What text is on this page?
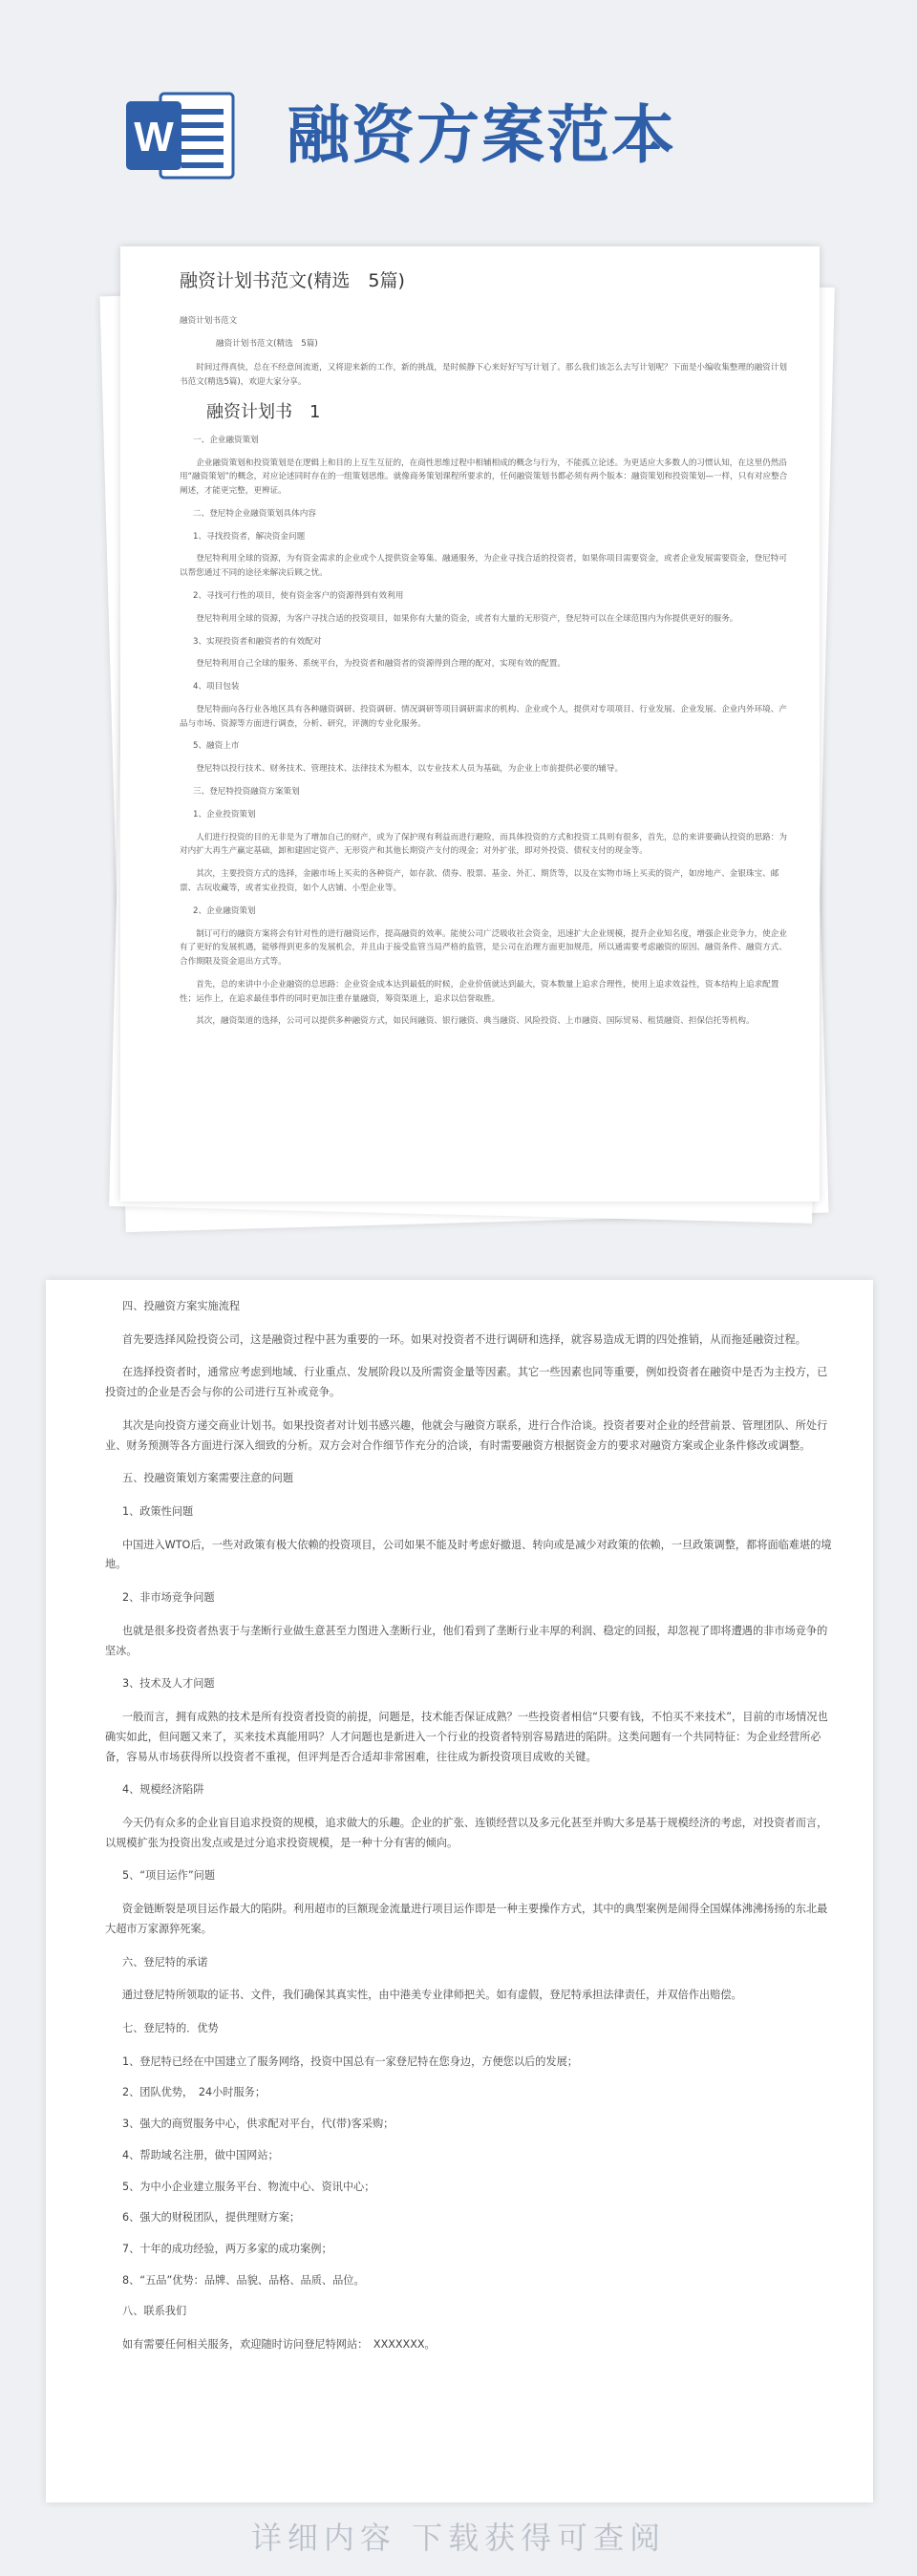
W 融资方案范本
融资计划书范文(精选　5篇)
融资计划书范文
融资计划书范文(精选　5篇)

时间过得真快，总在不经意间流逝，又将迎来新的工作，新的挑战，是时候静下心来好好写写计划了。那么我们该怎么去写计划呢？下面是小编收集整理的融资计划书范文(精选5篇)，欢迎大家分享。

融资计划书　1

一、企业融资策划

企业融资策划和投资策划是在逻辑上和目的上互生互征的，在商性思维过程中相辅相成的概念与行为，不能孤立论述。为更适应大多数人的习惯认知，在这里仍然沿用“融资策划”的概念，对应论述同时存在的一组策划思维。就像商务策划课程所要求的，任何融资策划书都必须有两个版本：融资策划和投资策划—一样，只有对应整合阐述，才能更完整，更辨证。

二、登尼特企业融资策划具体内容

1、寻找投资者，解决资金问题

登尼特利用全球的资源，为有资金需求的企业或个人提供资金筹集、融通服务，为企业寻找合适的投资者，如果你项目需要资金，或者企业发展需要资金，登尼特可以帮您通过不同的途径来解决后顾之忧。

2、寻找可行性的项目，使有资金客户的资源得到有效利用

登尼特利用全球的资源，为客户寻找合适的投资项目，如果你有大量的资金，或者有大量的无形资产，登尼特可以在全球范围内为你提供更好的服务。

3、实现投资者和融资者的有效配对

登尼特利用自己全球的服务、系统平台，为投资者和融资者的资源得到合理的配对，实现有效的配置。

4、项目包装

登尼特面向各行业各地区具有各种融资调研、投资调研、情况调研等项目调研需求的机构、企业或个人，提供对专项项目、行业发展、企业发展、企业内外环境、产品与市场、资源等方面进行调查，分析、研究，评测的专业化服务。

5、融资上市

登尼特以投行技术、财务技术、管理技术、法律技术为根本，以专业技术人员为基础，为企业上市前提供必要的辅导。

三、登尼特投资融资方案策划

1、企业投资策划

人们进行投资的目的无非是为了增加自己的财产，或为了保护现有利益而进行避险，而具体投资的方式和投资工具则有很多，首先，总的来讲要确认投资的思路：为对内扩大再生产赢定基础，卸和建固定资产、无形资产和其他长期资产支付的现金；对外扩张，即对外投资、债权支付的现金等。

其次，主要投资方式的选择，金融市场上买卖的各种资产，如存款、债券、股票、基金、外汇、期货等，以及在实物市场上买卖的资产，如房地产、金银珠宝、邮票、古玩收藏等，或者实业投资，如个人店铺、小型企业等。

2、企业融资策划

制订可行的融资方案将会有针对性的进行融资运作，提高融资的效率。能使公司广泛吸收社会资金，迅速扩大企业规模，提升企业知名度，增强企业竞争力，使企业有了更好的发展机遇，能够得到更多的发展机会，并且由于接受监管当局严格的监管，是公司在治理方面更加规范，所以通需要考虑融资的原因、融资条件、融资方式、合作期限及资金退出方式等。

首先，总的来讲中小企业融资的总思路：企业资金成本达到最低的时候，企业价值就达到最大，资本数量上追求合理性，使用上追求效益性，资本结构上追求配置性；运作上，在追求最佳事件的同时更加注重存量融资，筹资渠道上，追求以信誉取胜。

其次，融资渠道的选择，公司可以提供多种融资方式，如民间融资、银行融资、典当融资、风险投资、上市融资、国际贸易、租赁融资、担保信托等机构。

四、投融资方案实施流程

首先要选择风险投资公司，这是融资过程中甚为重要的一环。如果对投资者不进行调研和选择，就容易造成无谓的四处推销，从而拖延融资过程。

在选择投资者时，通常应考虑到地域、行业重点、发展阶段以及所需资金量等因素。其它一些因素也同等重要，例如投资者在融资中是否为主投方，已投资过的企业是否会与你的公司进行互补或竞争。

其次是向投资方递交商业计划书。如果投资者对计划书感兴趣，他就会与融资方联系，进行合作洽谈。投资者要对企业的经营前景、管理团队、所处行业、财务预测等各方面进行深入细致的分析。双方会对合作细节作充分的洽谈，有时需要融资方根据资金方的要求对融资方案或企业条件修改或调整。

五、投融资策划方案需要注意的问题

1、政策性问题

中国进入WTO后，一些对政策有极大依赖的投资项目，公司如果不能及时考虑好撤退、转向或是减少对政策的依赖，一旦政策调整，都将面临难堪的境地。

2、非市场竞争问题

也就是很多投资者热衷于与垄断行业做生意甚至力图进入垄断行业，他们看到了垄断行业丰厚的利润、稳定的回报，却忽视了即将遭遇的非市场竞争的坚冰。

3、技术及人才问题

一般而言，拥有成熟的技术是所有投资者投资的前提，问题是，技术能否保证成熟？一些投资者相信“只要有钱，不怕买不来技术”，目前的市场情况也确实如此，但问题又来了，买来技术真能用吗？人才问题也是新进入一个行业的投资者特别容易踏进的陷阱。这类问题有一个共同特征：为企业经营所必备，容易从市场获得所以投资者不重视，但评判是否合适却非常困难，往往成为新投资项目成败的关键。

4、规模经济陷阱

今天仍有众多的企业盲目追求投资的规模，追求做大的乐趣。企业的扩张、连锁经营以及多元化甚至并购大多是基于规模经济的考虑，对投资者而言，以规模扩张为投资出发点或是过分追求投资规模，是一种十分有害的倾向。

5、“项目运作”问题

资金链断裂是项目运作最大的陷阱。利用超市的巨额现金流量进行项目运作即是一种主要操作方式，其中的典型案例是闹得全国媒体沸沸扬扬的东北最大超市万家源猝死案。

六、登尼特的承诺

通过登尼特所领取的证书、文件，我们确保其真实性，由中港美专业律师把关。如有虚假，登尼特承担法律责任，并双倍作出赔偿。

七、登尼特的．优势

1、登尼特已经在中国建立了服务网络，投资中国总有一家登尼特在您身边，方便您以后的发展；

2、团队优势，　24小时服务；

3、强大的商贸服务中心，供求配对平台，代(带)客采购；

4、帮助域名注册，做中国网站；

5、为中小企业建立服务平台、物流中心、资讯中心；

6、强大的财税团队，提供理财方案；

7、十年的成功经验，两万多家的成功案例；

8、“五品”优势：品牌、品貌、品格、品质、品位。

八、联系我们

如有需要任何相关服务，欢迎随时访问登尼特网站：　XXXXXXX。

详细内容 下载获得可查阅
